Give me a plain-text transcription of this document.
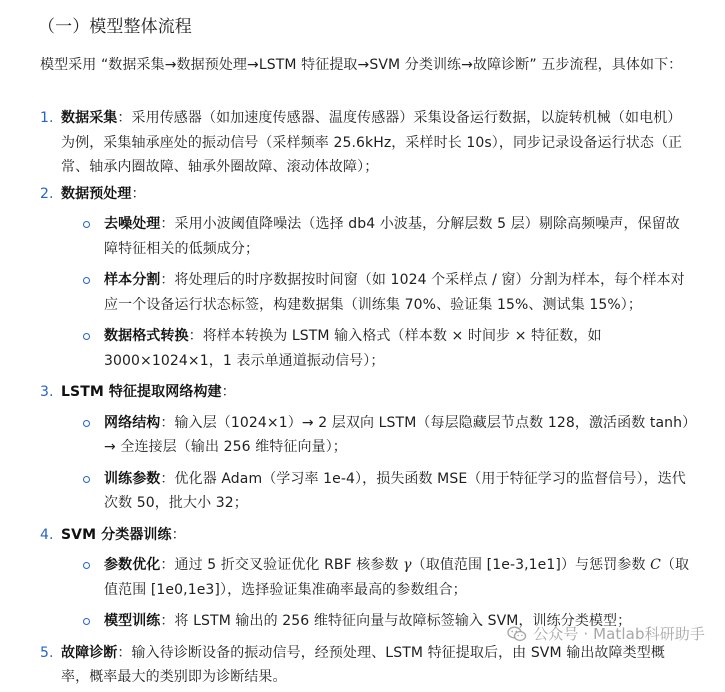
（一）模型整体流程
模型采用 “数据采集→数据预处理→LSTM 特征提取→SVM 分类训练→故障诊断” 五步流程，具体如下：
1. 数据采集：采用传感器（如加速度传感器、温度传感器）采集设备运行数据，以旋转机械（如电机）为例，采集轴承座处的振动信号（采样频率 25.6kHz，采样时长 10s），同步记录设备运行状态（正常、轴承内圈故障、轴承外圈故障、滚动体故障）；
2. 数据预处理：
去噪处理：采用小波阈值降噪法（选择 db4 小波基，分解层数 5 层）剔除高频噪声，保留故障特征相关的低频成分；
样本分割：将处理后的时序数据按时间窗（如 1024 个采样点 / 窗）分割为样本，每个样本对应一个设备运行状态标签，构建数据集（训练集 70%、验证集 15%、测试集 15%）；
数据格式转换：将样本转换为 LSTM 输入格式（样本数 × 时间步 × 特征数，如 3000×1024×1，1 表示单通道振动信号）；
3. LSTM 特征提取网络构建：
网络结构：输入层（1024×1）→ 2 层双向 LSTM（每层隐藏层节点数 128，激活函数 tanh）→ 全连接层（输出 256 维特征向量）；
训练参数：优化器 Adam（学习率 1e-4），损失函数 MSE（用于特征学习的监督信号），迭代次数 50，批大小 32；
4. SVM 分类器训练：
参数优化：通过 5 折交叉验证优化 RBF 核参数 γ（取值范围 [1e-3,1e1]）与惩罚参数 C（取值范围 [1e0,1e3]），选择验证集准确率最高的参数组合；
模型训练：将 LSTM 输出的 256 维特征向量与故障标签输入 SVM，训练分类模型；
5. 故障诊断：输入待诊断设备的振动信号，经预处理、LSTM 特征提取后，由 SVM 输出故障类型概率，概率最大的类别即为诊断结果。
公众号 · Matlab科研助手
